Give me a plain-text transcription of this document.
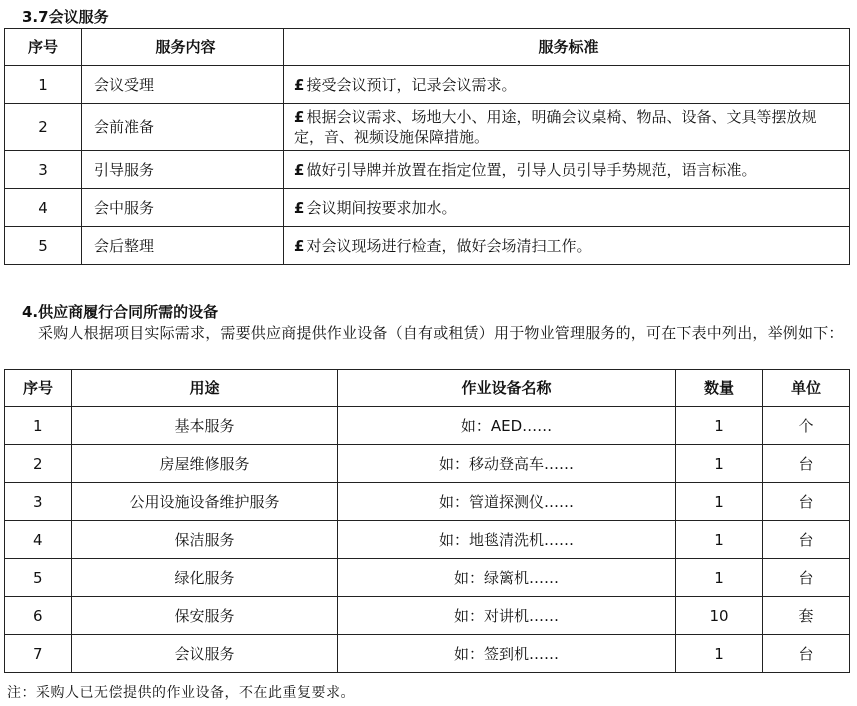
3.7会议服务
序号	服务内容	服务标准
1	会议受理	£ 接受会议预订，记录会议需求。
2	会前准备	£ 根据会议需求、场地大小、用途，明确会议桌椅、物品、设备、文具等摆放规定，音、视频设施保障措施。
3	引导服务	£ 做好引导牌并放置在指定位置，引导人员引导手势规范，语言标准。
4	会中服务	£ 会议期间按要求加水。
5	会后整理	£ 对会议现场进行检查，做好会场清扫工作。
4.供应商履行合同所需的设备
采购人根据项目实际需求，需要供应商提供作业设备（自有或租赁）用于物业管理服务的，可在下表中列出，举例如下：
序号	用途	作业设备名称	数量	单位
1	基本服务	如：AED……	1	个
2	房屋维修服务	如：移动登高车……	1	台
3	公用设施设备维护服务	如：管道探测仪……	1	台
4	保洁服务	如：地毯清洗机……	1	台
5	绿化服务	如：绿篱机……	1	台
6	保安服务	如：对讲机……	10	套
7	会议服务	如：签到机……	1	台
注：采购人已无偿提供的作业设备，不在此重复要求。
